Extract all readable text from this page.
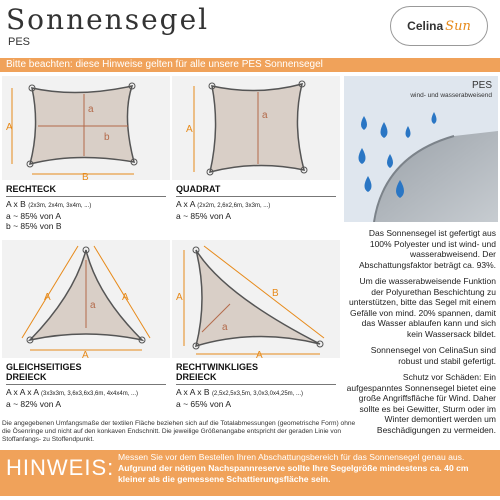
Sonnensegel
PES
Celina Sun
Bitte beachten: diese Hinweise gelten für alle unsere PES Sonnensegel
A
B
a
b
RECHTECK
A x B (2x3m, 2x4m, 3x4m, ...)
a ~ 85% von A
b ~ 85% von B
A
a
QUADRAT
A x A (2x2m, 2,6x2,6m, 3x3m, ...)
a ~ 85% von A
A	A
A
a
GLEICHSEITIGES
DREIECK
A x A x A (3x3x3m, 3,6x3,6x3,6m, 4x4x4m, ...)
a ~ 82% von A
A
A
B
a
RECHTWINKLIGES
DREIECK
A x A x B (2,5x2,5x3,5m, 3,0x3,0x4,25m, ...)
a ~ 65% von A
PES
wind- und wasserabweisend
Das Sonnensegel ist gefertigt aus 100% Polyester und ist wind- und wasserabweisend. Der Abschattungsfaktor beträgt ca. 93%.
Um die wasserabweisende Funktion der Polyurethan Beschichtung zu unterstützen, bitte das Segel mit einem Gefälle von mind. 20% spannen, damit das Wasser ablaufen kann und sich kein Wassersack bildet.
Sonnensegel von CelinaSun sind robust und stabil gefertigt.
Schutz vor Schäden: Ein aufgespanntes Sonnensegel bietet eine große Angriffsfläche für Wind. Daher sollte es bei Gewitter, Sturm oder im Winter demontiert werden um Beschädigungen zu vermeiden.
Die angegebenen Umfangsmaße der textilen Fläche beziehen sich auf die Totalabmessungen (geometrische Form) ohne die Ösenringe und nicht auf den konkaven Endschnitt. Die jeweilige Größenangabe entspricht der geraden Linie von Stoffanfangs- zu Stoffendpunkt.
HINWEIS: Messen Sie vor dem Bestellen Ihren Abschattungsbereich für das Sonnensegel genau aus.
Aufgrund der nötigen Nachspannreserve sollte Ihre Segelgröße mindestens ca. 40 cm kleiner als die gemessene Schattierungsfläche sein.
